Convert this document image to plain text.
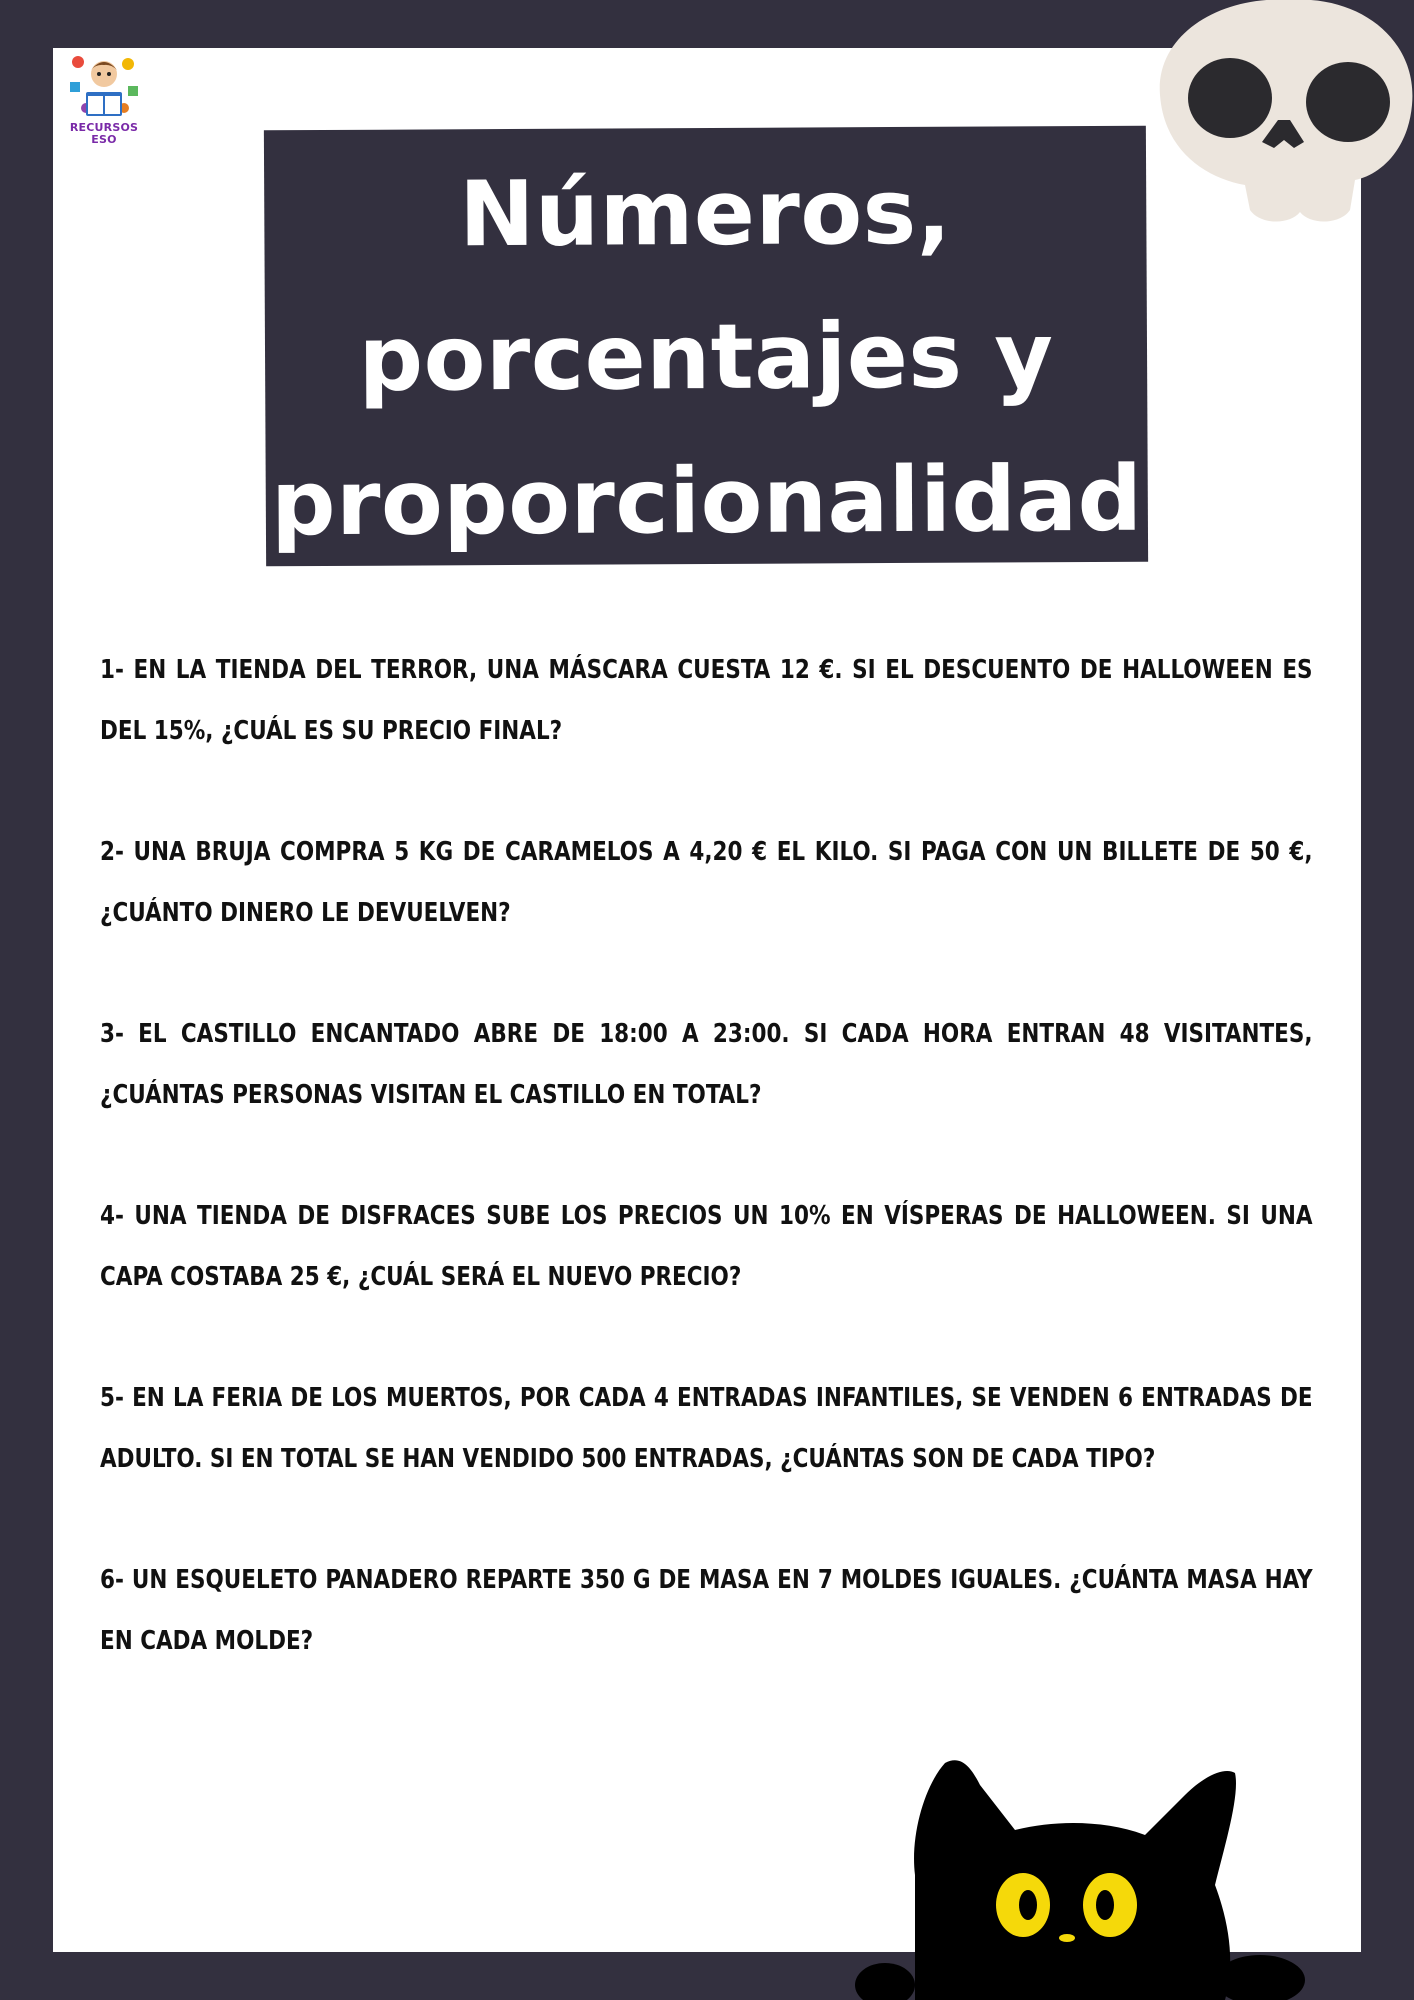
RECURSOS
ESO
Números,
porcentajes y
proporcionalidad

1- EN LA TIENDA DEL TERROR, UNA MÁSCARA CUESTA 12 €. SI EL DESCUENTO DE HALLOWEEN ES DEL 15%, ¿CUÁL ES SU PRECIO FINAL?

2- UNA BRUJA COMPRA 5 KG DE CARAMELOS A 4,20 € EL KILO. SI PAGA CON UN BILLETE DE 50 €, ¿CUÁNTO DINERO LE DEVUELVEN?

3- EL CASTILLO ENCANTADO ABRE DE 18:00 A 23:00. SI CADA HORA ENTRAN 48 VISITANTES, ¿CUÁNTAS PERSONAS VISITAN EL CASTILLO EN TOTAL?

4- UNA TIENDA DE DISFRACES SUBE LOS PRECIOS UN 10% EN VÍSPERAS DE HALLOWEEN. SI UNA CAPA COSTABA 25 €, ¿CUÁL SERÁ EL NUEVO PRECIO?

5- EN LA FERIA DE LOS MUERTOS, POR CADA 4 ENTRADAS INFANTILES, SE VENDEN 6 ENTRADAS DE ADULTO. SI EN TOTAL SE HAN VENDIDO 500 ENTRADAS, ¿CUÁNTAS SON DE CADA TIPO?

6- UN ESQUELETO PANADERO REPARTE 350 G DE MASA EN 7 MOLDES IGUALES. ¿CUÁNTA MASA HAY EN CADA MOLDE?
